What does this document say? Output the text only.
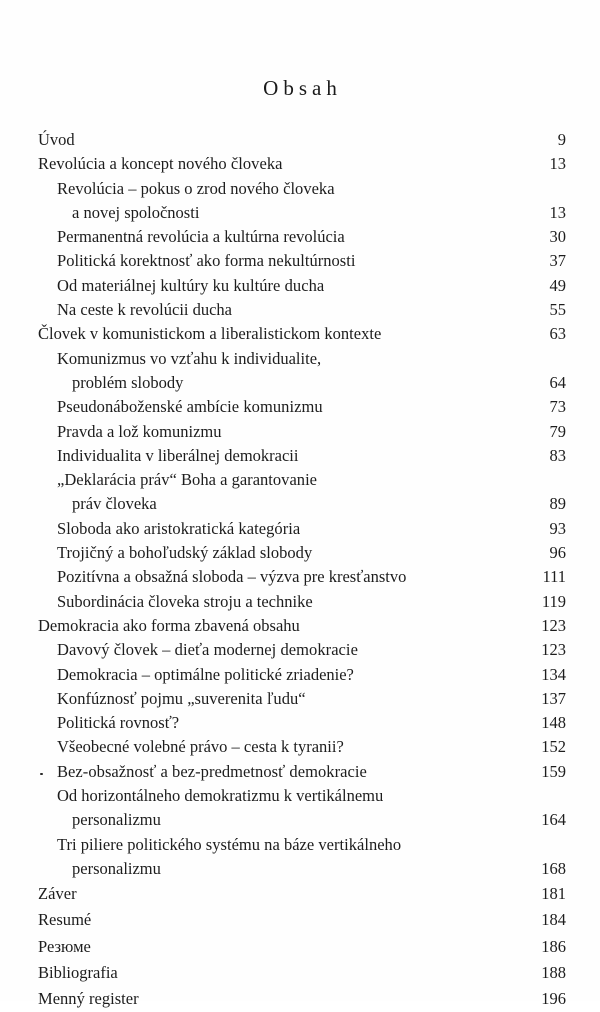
Obsah
Úvod	9
Revolúcia a koncept nového človeka	13
Revolúcia – pokus o zrod nového človeka
a novej spoločnosti	13
Permanentná revolúcia a kultúrna revolúcia	30
Politická korektnosť ako forma nekultúrnosti	37
Od materiálnej kultúry ku kultúre ducha	49
Na ceste k revolúcii ducha	55
Človek v komunistickom a liberalistickom kontexte	63
Komunizmus vo vzťahu k individualite,
problém slobody	64
Pseudonáboženské ambície komunizmu	73
Pravda a lož komunizmu	79
Individualita v liberálnej demokracii	83
„Deklarácia práv“ Boha a garantovanie
práv človeka	89
Sloboda ako aristokratická kategória	93
Trojičný a bohoľudský základ slobody	96
Pozitívna a obsažná sloboda – výzva pre kresťanstvo	111
Subordinácia človeka stroju a technike	119
Demokracia ako forma zbavená obsahu	123
Davový človek – dieťa modernej demokracie	123
Demokracia – optimálne politické zriadenie?	134
Konfúznosť pojmu „suverenita ľudu“	137
Politická rovnosť?	148
Všeobecné volebné právo – cesta k tyranii?	152
Bez-obsažnosť a bez-predmetnosť demokracie	159
Od horizontálneho demokratizmu k vertikálnemu
personalizmu	164
Tri piliere politického systému na báze vertikálneho
personalizmu	168
Záver	181
Resumé	184
Резюме	186
Bibliografia	188
Menný register	196
